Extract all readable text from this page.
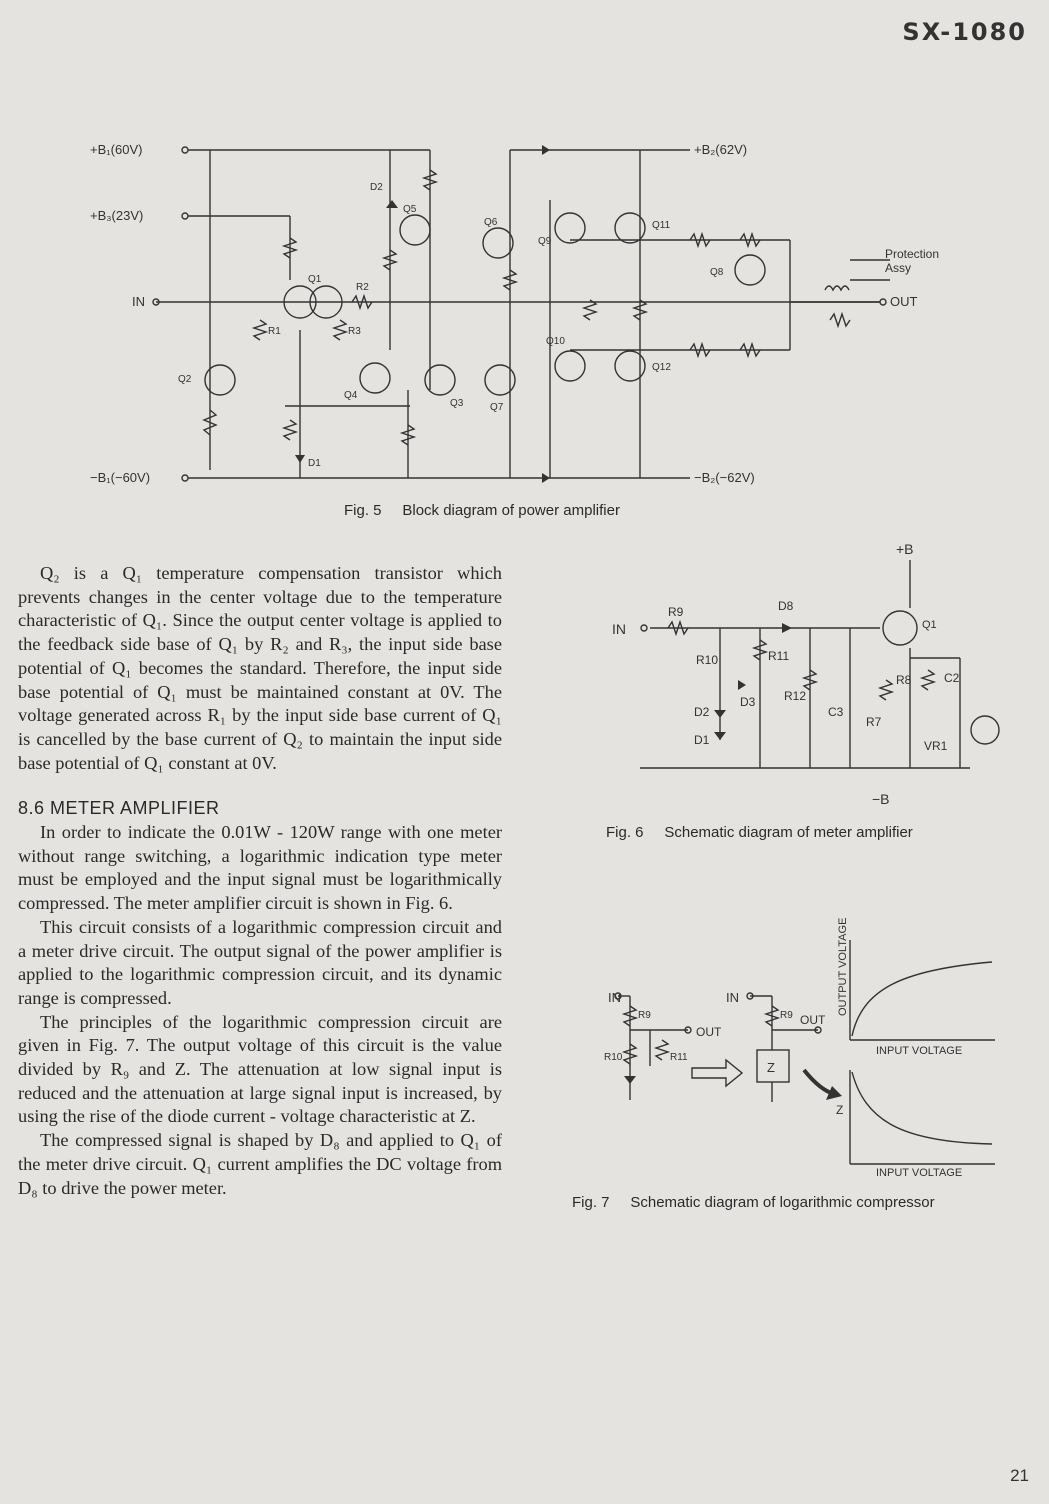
SX-1080
+B₁(60V)
+B₃(23V)
+B₂(62V)
−B₁(−60V)	−B₂(−62V)
IN	OUT
Protection
Assy
Q1
Q2
Q3
Q4
Q5
Q6
Q7
Q8
Q9
Q10
Q11
Q12
R1
R2
R3
D1
D2
Fig. 5 Block diagram of power amplifier
+B
−B
IN
R9
R10	R11
R12
R7
R8
D8
D3
D2
D1
C3
C2
VR1
Q1
Fig. 6 Schematic diagram of meter amplifier
IN
OUT
IN
OUT
R9	R9
R10	R11
Z
OUTPUT VOLTAGE
INPUT VOLTAGE
INPUT VOLTAGE
Z
Fig. 7 Schematic diagram of logarithmic compressor

Q₂ is a Q₁ temperature compensation transistor which prevents changes in the center voltage due to the temperature characteristic of Q₁. Since the output center voltage is applied to the feedback side base of Q₁ by R₂ and R₃, the input side base potential of Q₁ becomes the standard. Therefore, the input side base potential of Q₁ must be maintained constant at 0V. The voltage generated across R₁ by the input side base current of Q₁ is cancelled by the base current of Q₂ to maintain the input side base potential of Q₁ constant at 0V.

8.6 METER AMPLIFIER

In order to indicate the 0.01W - 120W range with one meter without range switching, a logarithmic indication type meter must be employed and the input signal must be logarithmically compressed. The meter amplifier circuit is shown in Fig. 6.

This circuit consists of a logarithmic compression circuit and a meter drive circuit. The output signal of the power amplifier is applied to the logarithmic compression circuit, and its dynamic range is compressed.

The principles of the logarithmic compression circuit are given in Fig. 7. The output voltage of this circuit is the value divided by R₉ and Z. The attenuation at low signal input is reduced and the attenuation at large signal input is increased, by using the rise of the diode current - voltage characteristic at Z.

The compressed signal is shaped by D₈ and applied to Q₁ of the meter drive circuit. Q₁ current amplifies the DC voltage from D₈ to drive the power meter.

21
